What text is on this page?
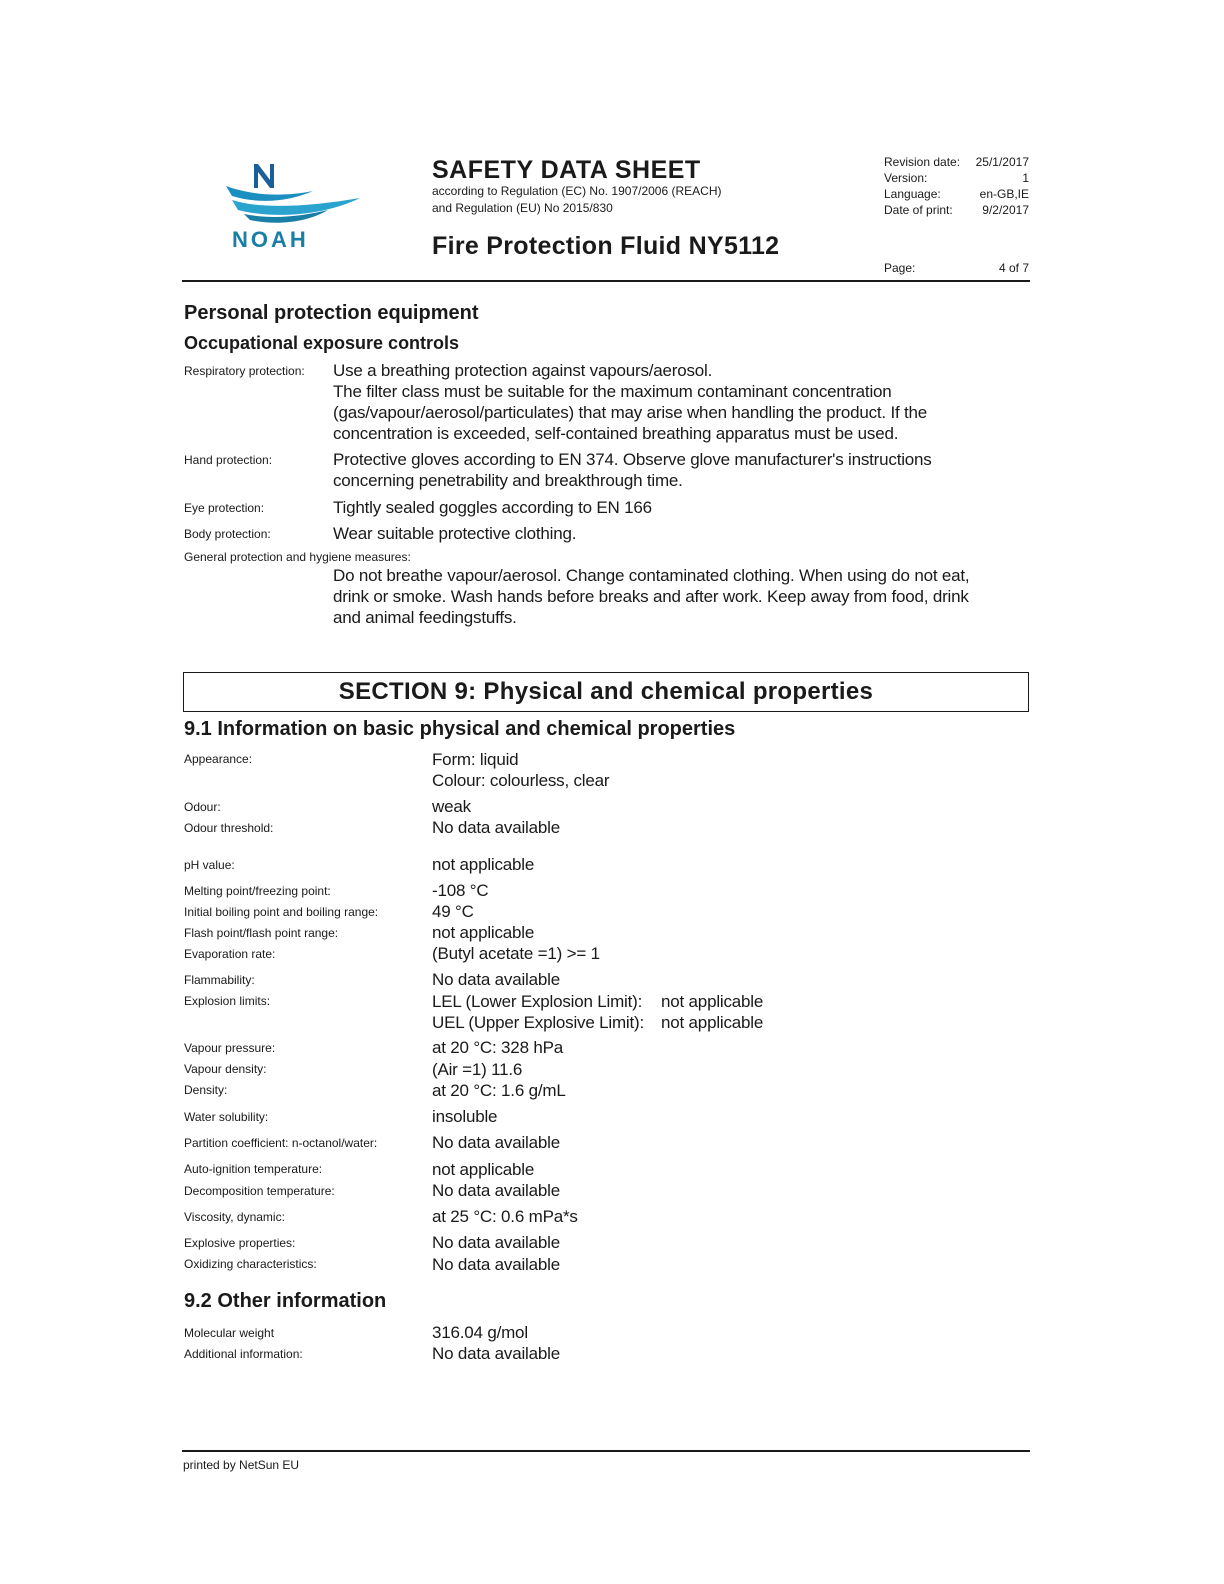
NOAH
SAFETY DATA SHEET
according to Regulation (EC) No. 1907/2006 (REACH)
and Regulation (EU) No 2015/830
Fire Protection Fluid NY5112
Revision date: 25/1/2017
Version:	1
Language:	en-GB,IE
Date of print: 9/2/2017
Page:	4 of 7
Personal protection equipment
Occupational exposure controls
Respiratory protection: Use a breathing protection against vapours/aerosol.
The filter class must be suitable for the maximum contaminant concentration
(gas/vapour/aerosol/particulates) that may arise when handling the product. If the
concentration is exceeded, self-contained breathing apparatus must be used.
Hand protection:	Protective gloves according to EN 374. Observe glove manufacturer's instructions
concerning penetrability and breakthrough time.
Eye protection:	Tightly sealed goggles according to EN 166
Body protection:	Wear suitable protective clothing.
General protection and hygiene measures:
Do not breathe vapour/aerosol. Change contaminated clothing. When using do not eat,
drink or smoke. Wash hands before breaks and after work. Keep away from food, drink
and animal feedingstuffs.
SECTION 9: Physical and chemical properties
9.1 Information on basic physical and chemical properties
Appearance:	Form: liquid
Colour: colourless, clear
Odour:	weak
Odour threshold:	No data available
pH value:	not applicable
Melting point/freezing point:	-108 °C
Initial boiling point and boiling range:	49 °C
Flash point/flash point range:	not applicable
Evaporation rate:	(Butyl acetate =1) >= 1
Flammability:	No data available
Explosion limits:	LEL (Lower Explosion Limit): not applicable
UEL (Upper Explosive Limit): not applicable
Vapour pressure:	at 20 °C: 328 hPa
Vapour density:	(Air =1) 11.6
Density:	at 20 °C: 1.6 g/mL
Water solubility:	insoluble
Partition coefficient: n-octanol/water:	No data available
Auto-ignition temperature:	not applicable
Decomposition temperature:	No data available
Viscosity, dynamic:	at 25 °C: 0.6 mPa*s
Explosive properties:	No data available
Oxidizing characteristics:	No data available
9.2 Other information
Molecular weight	316.04 g/mol
Additional information:	No data available
printed by NetSun EU
